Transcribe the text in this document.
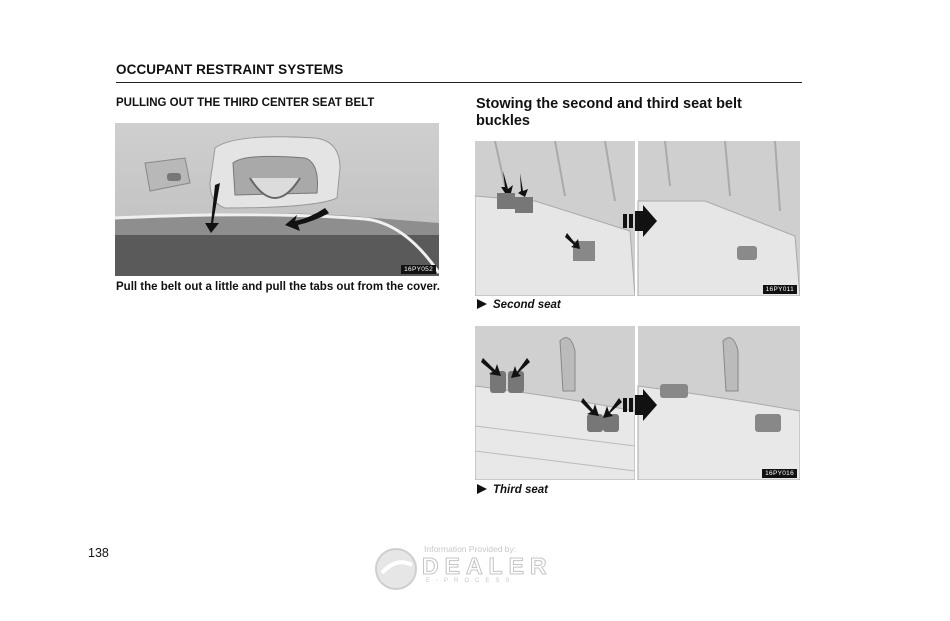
OCCUPANT RESTRAINT SYSTEMS
PULLING OUT THE THIRD CENTER SEAT BELT
16PY052
Pull the belt out a little and pull the tabs out from the cover.
Stowing the second and third seat belt buckles
16PY011
Second seat
16PY016
Third seat
138	Information Provided by:
DEALER
E-PROCESS
